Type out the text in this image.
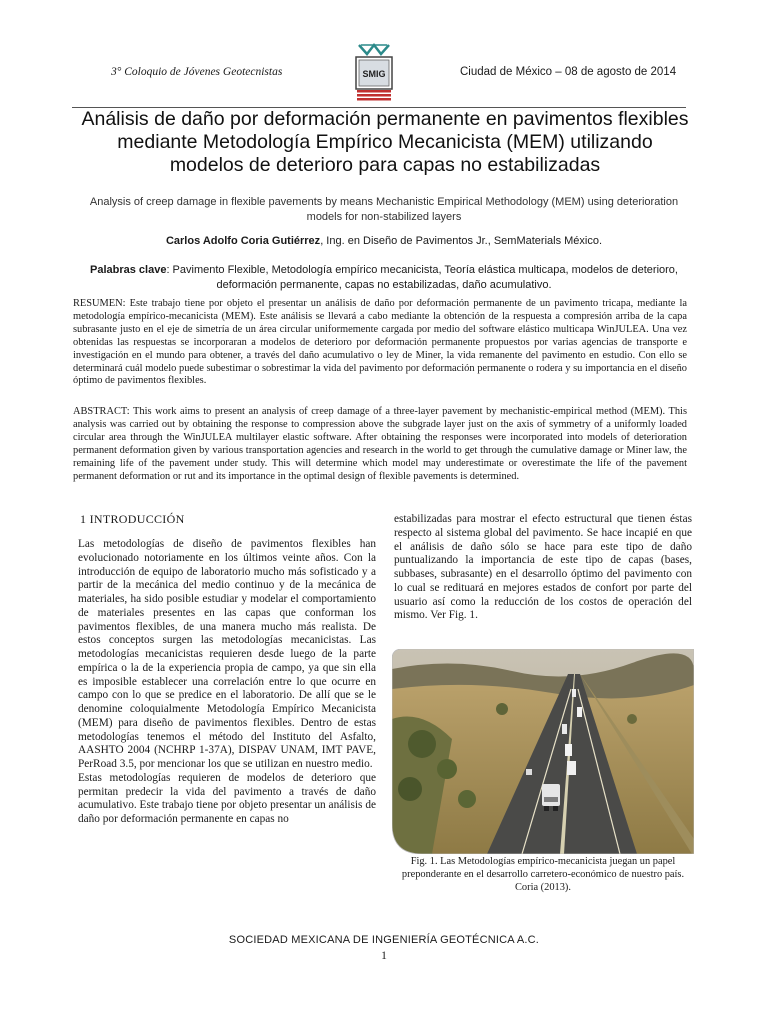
3° Coloquio de Jóvenes Geotecnistas	SMIG	Ciudad de México – 08 de agosto de 2014
Análisis de daño por deformación permanente en pavimentos flexibles mediante Metodología Empírico Mecanicista (MEM) utilizando modelos de deterioro para capas no estabilizadas
Analysis of creep damage in flexible pavements by means Mechanistic Empirical Methodology (MEM) using deterioration models for non-stabilized layers
Carlos Adolfo Coria Gutiérrez, Ing. en Diseño de Pavimentos Jr., SemMaterials México.
Palabras clave: Pavimento Flexible, Metodología empírico mecanicista, Teoría elástica multicapa, modelos de deterioro, deformación permanente, capas no estabilizadas, daño acumulativo.
RESUMEN: Este trabajo tiene por objeto el presentar un análisis de daño por deformación permanente de un pavimento tricapa, mediante la metodología empírico-mecanicista (MEM). Este análisis se llevará a cabo mediante la obtención de la respuesta a compresión arriba de la capa subrasante justo en el eje de simetría de un área circular uniformemente cargada por medio del software elástico multicapa WinJULEA. Una vez obtenidas las respuestas se incorporaran a modelos de deterioro por deformación permanente propuestos por varias agencias de transporte e investigación en el mundo para obtener, a través del daño acumulativo o ley de Miner, la vida remanente del pavimento en estudio. Con ello se determinará cuál modelo puede subestimar o sobrestimar la vida del pavimento por deformación permanente o rodera y su importancia en el diseño óptimo de pavimentos flexibles.
ABSTRACT: This work aims to present an analysis of creep damage of a three-layer pavement by mechanistic-empirical method (MEM). This analysis was carried out by obtaining the response to compression above the subgrade layer just on the axis of symmetry of a uniformly loaded circular area through the WinJULEA multilayer elastic software. After obtaining the responses were incorporated into models of deterioration permanent deformation given by various transportation agencies and research in the world to get through the cumulative damage or Miner law, the remaining life of the pavement under study. This will determine which model may underestimate or overestimate the life of the pavement permanent deformation or rut and its importance in the optimal design of flexible pavements is determined.
1 INTRODUCCIÓN

Las metodologías de diseño de pavimentos flexibles han evolucionado notoriamente en los últimos veinte años. Con la introducción de equipo de laboratorio mucho más sofisticado y a partir de la mecánica del medio continuo y de la mecánica de materiales, ha sido posible estudiar y modelar el comportamiento de materiales presentes en las capas que conforman los pavimentos flexibles, de una manera mucho más realista. De estos conceptos surgen las metodologías mecanicistas. Las metodologías mecanicistas requieren desde luego de la parte empírica o la de la experiencia propia de campo, ya que sin ella es imposible establecer una correlación entre lo que ocurre en campo con lo que se predice en el laboratorio. De allí que se le denomine coloquialmente Metodología Empírico Mecanicista (MEM) para diseño de pavimentos flexibles. Dentro de estas metodologías tenemos el método del Instituto del Asfalto, AASHTO 2004 (NCHRP 1-37A), DISPAV UNAM, IMT PAVE, PerRoad 3.5, por mencionar los que se utilizan en nuestro medio.

Estas metodologías requieren de modelos de deterioro que permitan predecir la vida del pavimento a través de daño acumulativo. Este trabajo tiene por objeto presentar un análisis de daño por deformación permanente en capas no

estabilizadas para mostrar el efecto estructural que tienen éstas respecto al sistema global del pavimento. Se hace incapié en que el análisis de daño sólo se hace para este tipo de daño puntualizando la importancia de este tipo de capas (bases, subbases, subrasante) en el desarrollo óptimo del pavimento con lo cual se redituará en mejores estados de confort por parte del usuario así como la reducción de los costos de operación del mismo. Ver Fig. 1.

Fig. 1. Las Metodologías empírico-mecanicista juegan un papel preponderante en el desarrollo carretero-económico de nuestro país. Coria (2013).
SOCIEDAD MEXICANA DE INGENIERÍA GEOTÉCNICA A.C.
1
